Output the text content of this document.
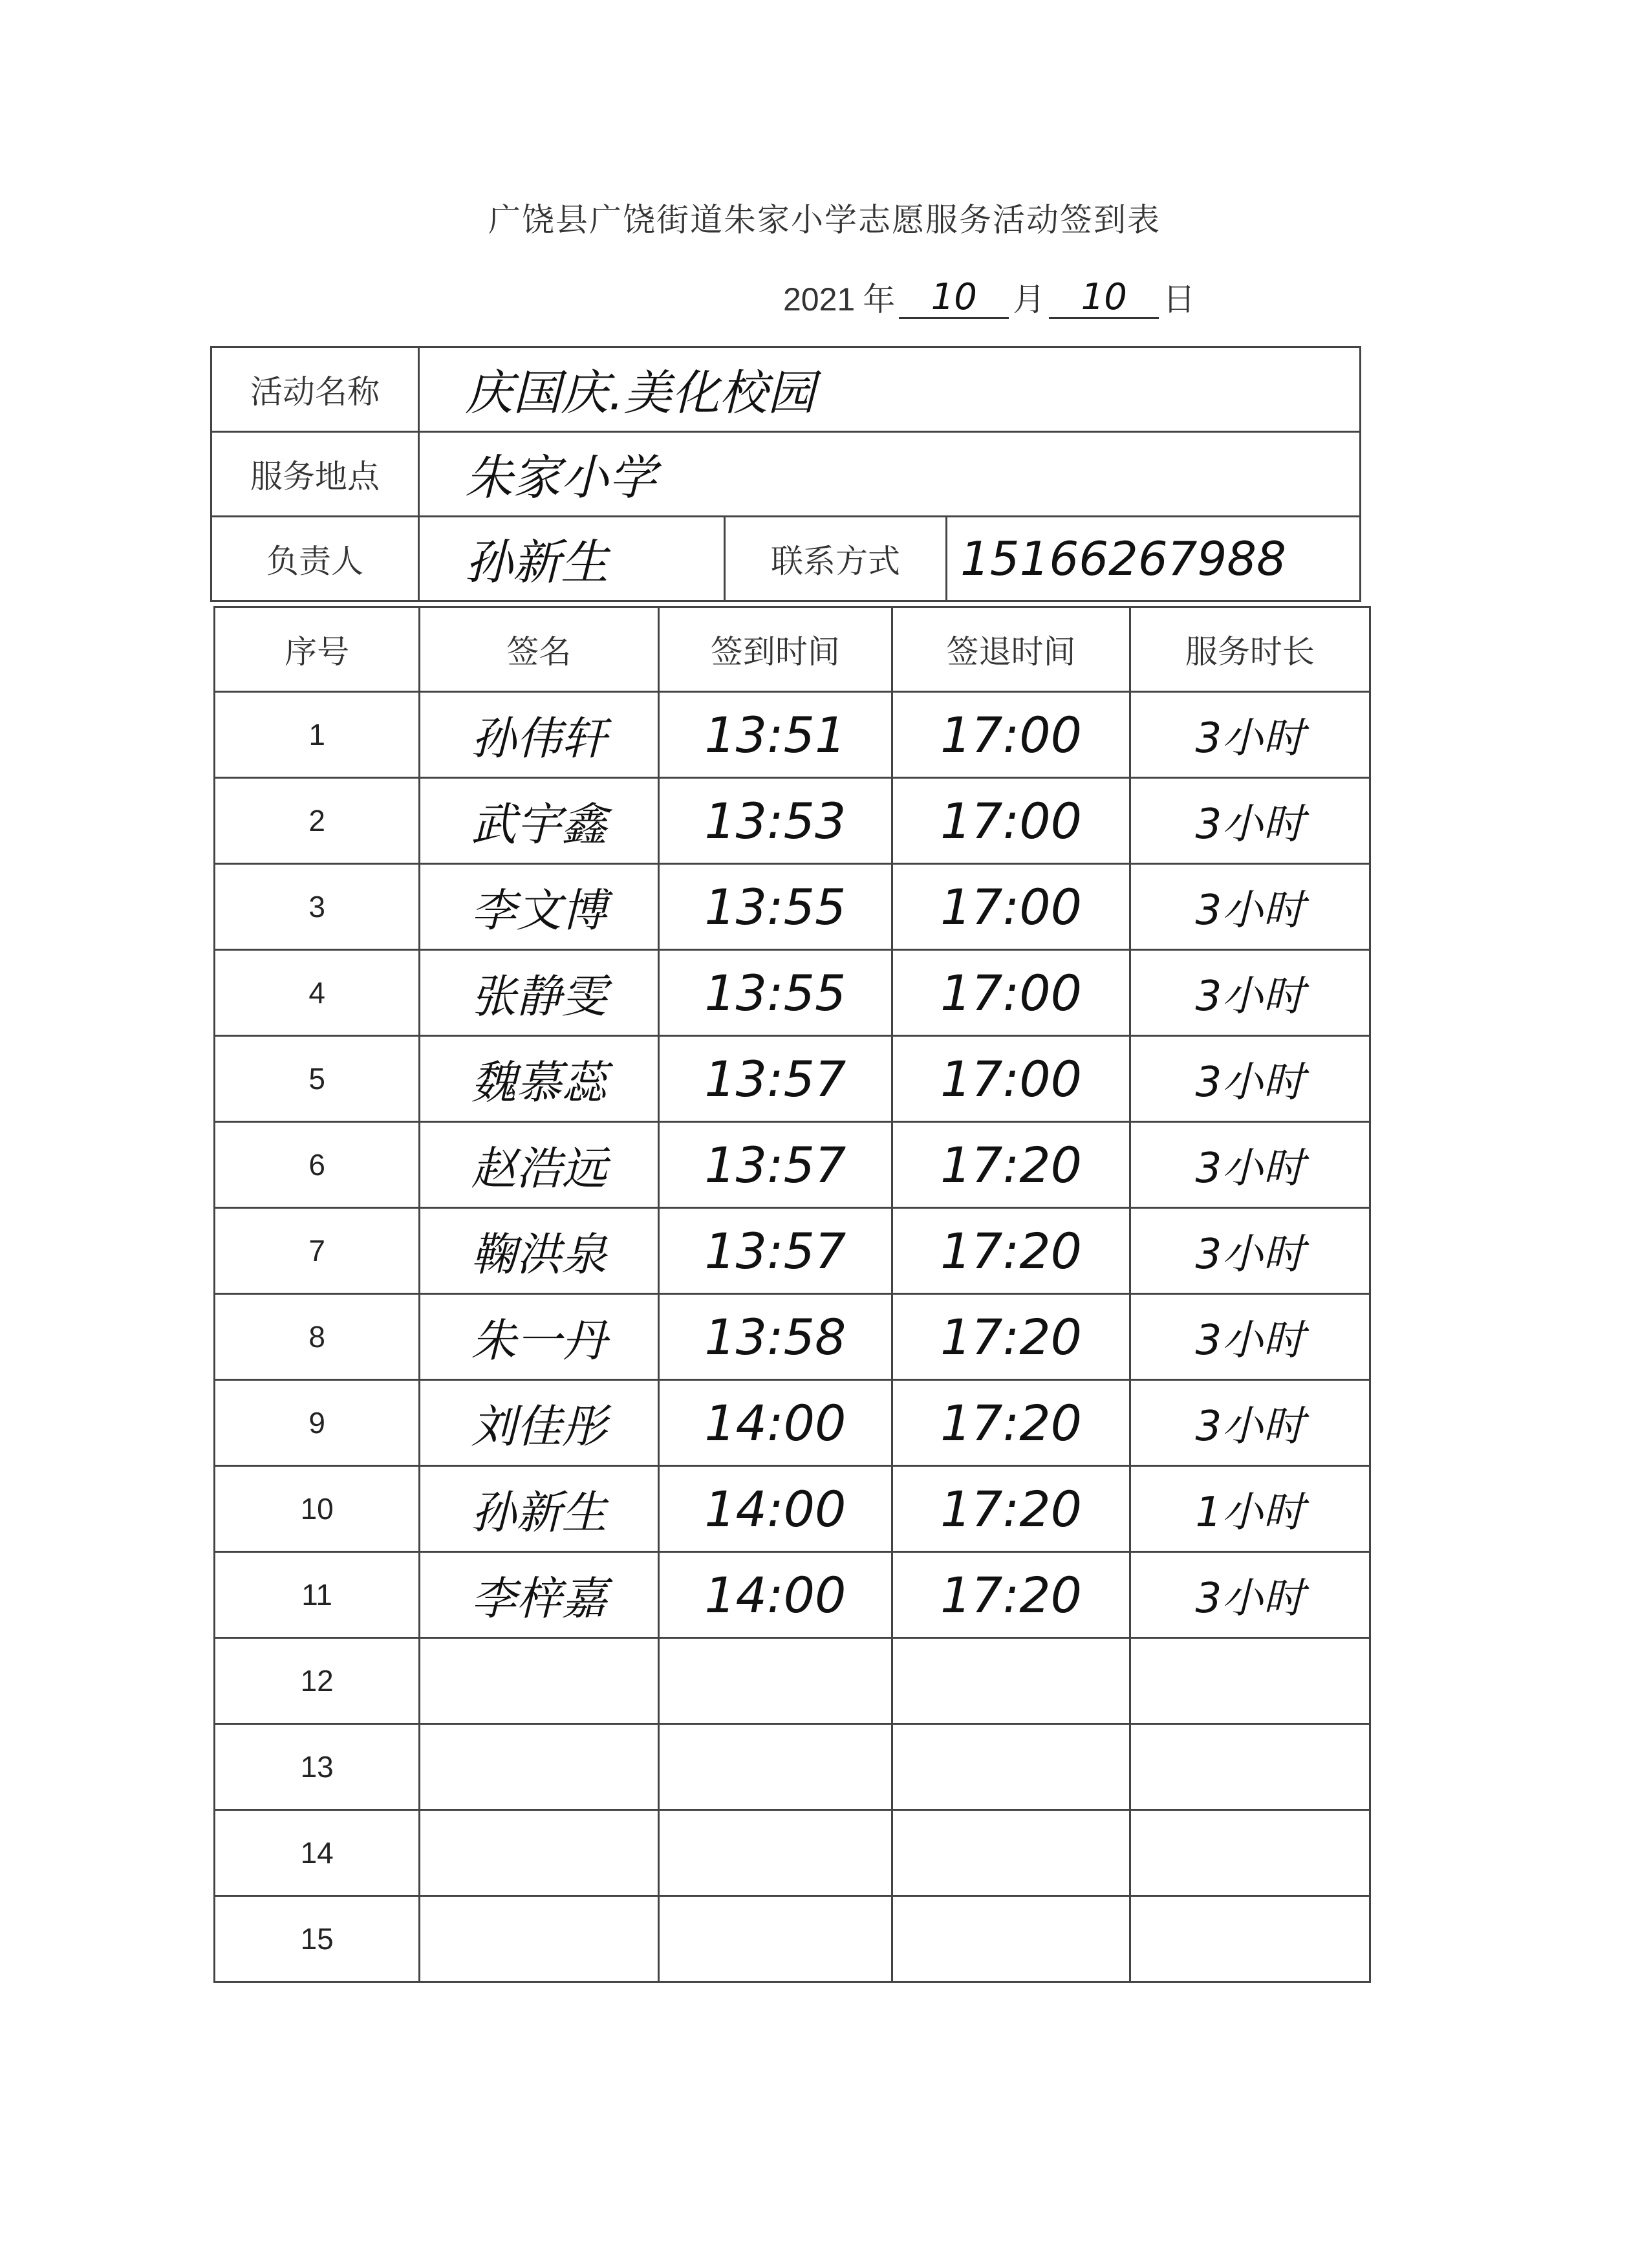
广饶县广饶街道朱家小学志愿服务活动签到表
2021 年 10	月 10	日
活动名称	庆国庆.美化校园		
服务地点	朱家小学		
负责人	孙新生	联系方式	15166267988
序号	签名	签到时间	签退时间	服务时长
1	孙伟轩	13:51	17:00	3小时
2	武宇鑫	13:53	17:00	3小时
3	李文博	13:55	17:00	3小时
4	张静雯	13:55	17:00	3小时
5	魏慕蕊	13:57	17:00	3小时
6	赵浩远	13:57	17:20	3小时
7	鞠洪泉	13:57	17:20	3小时
8	朱一丹	13:58	17:20	3小时
9	刘佳彤	14:00	17:20	3小时
10	孙新生	14:00	17:20	1小时
11	李梓嘉	14:00	17:20	3小时
12				
13				
14				
15				
